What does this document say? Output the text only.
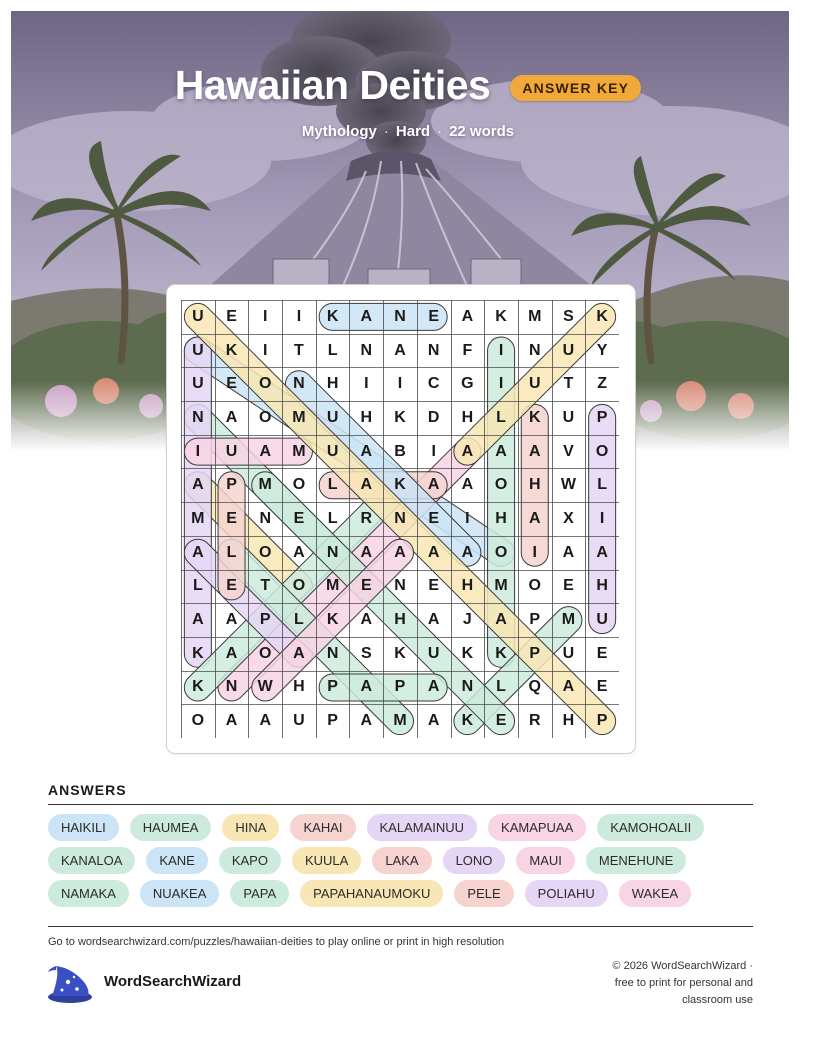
Hawaiian Deities ANSWER KEY
Mythology · Hard · 22 words
U	E	I	I	K	A	N	E	A	K	M	S	K
U	K	I	T	L	N	A	N	F	I	N	U	Y
U	E	O	N	H	I	I	C	G	I	U	T	Z
N	A	O	M	U	H	K	D	H	L	K	U	P
I	U	A	M	U	A	B	I	A	A	A	V	O
A	P	M	O	L	A	K	A	A	O	H	W	L
M	E	N	E	L	R	N	E	I	H	A	X	I
A	L	O	A	N	A	A	A	A	O	I	A	A
L	E	T	O	M	E	N	E	H	M	O	E	H
A	A	P	L	K	A	H	A	J	A	P	M	U
K	A	O	A	N	S	K	U	K	K	P	U	E
K	N	W	H	P	A	P	A	N	L	Q	A	E
O	A	A	U	P	A	M	A	K	E	R	H	P
ANSWERS
HAIKILI	HAUMEA	HINA	KAHAI	KALAMAINUU	KAMAPUAA	KAMOHOALII
KANALOA	KANE	KAPO	KUULA	LAKA	LONO	MAUI	MENEHUNE
NAMAKA	NUAKEA	PAPA	PAPAHANAUMOKU	PELE	POLIAHU	WAKEA
Go to wordsearchwizard.com/puzzles/hawaiian-deities to play online or print in high resolution
WordSearchWizard
© 2026 WordSearchWizard ·
free to print for personal and
classroom use
